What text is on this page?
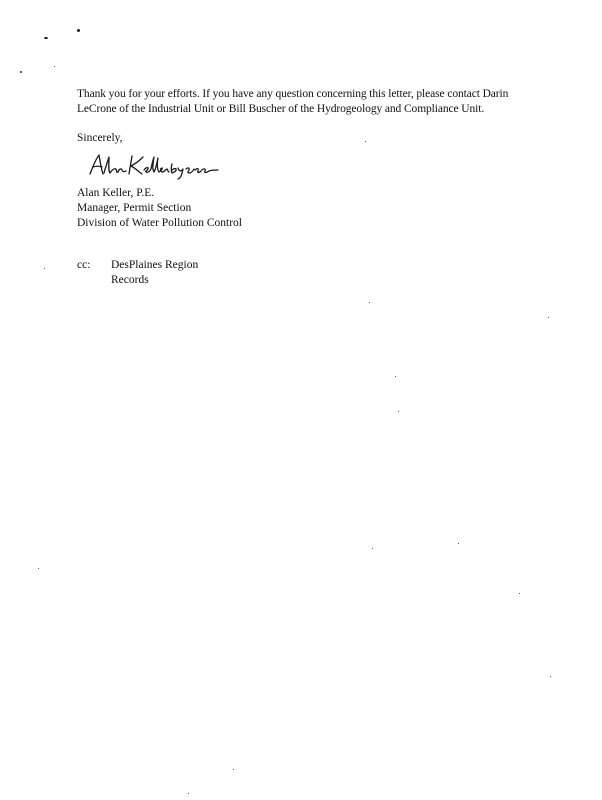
Thank you for your efforts. If you have any question concerning this letter, please contact Darin
LeCrone of the Industrial Unit or Bill Buscher of the Hydrogeology and Compliance Unit.
Sincerely,
Alan Keller, P.E.
Manager, Permit Section
Division of Water Pollution Control
cc: DesPlaines Region
Records
